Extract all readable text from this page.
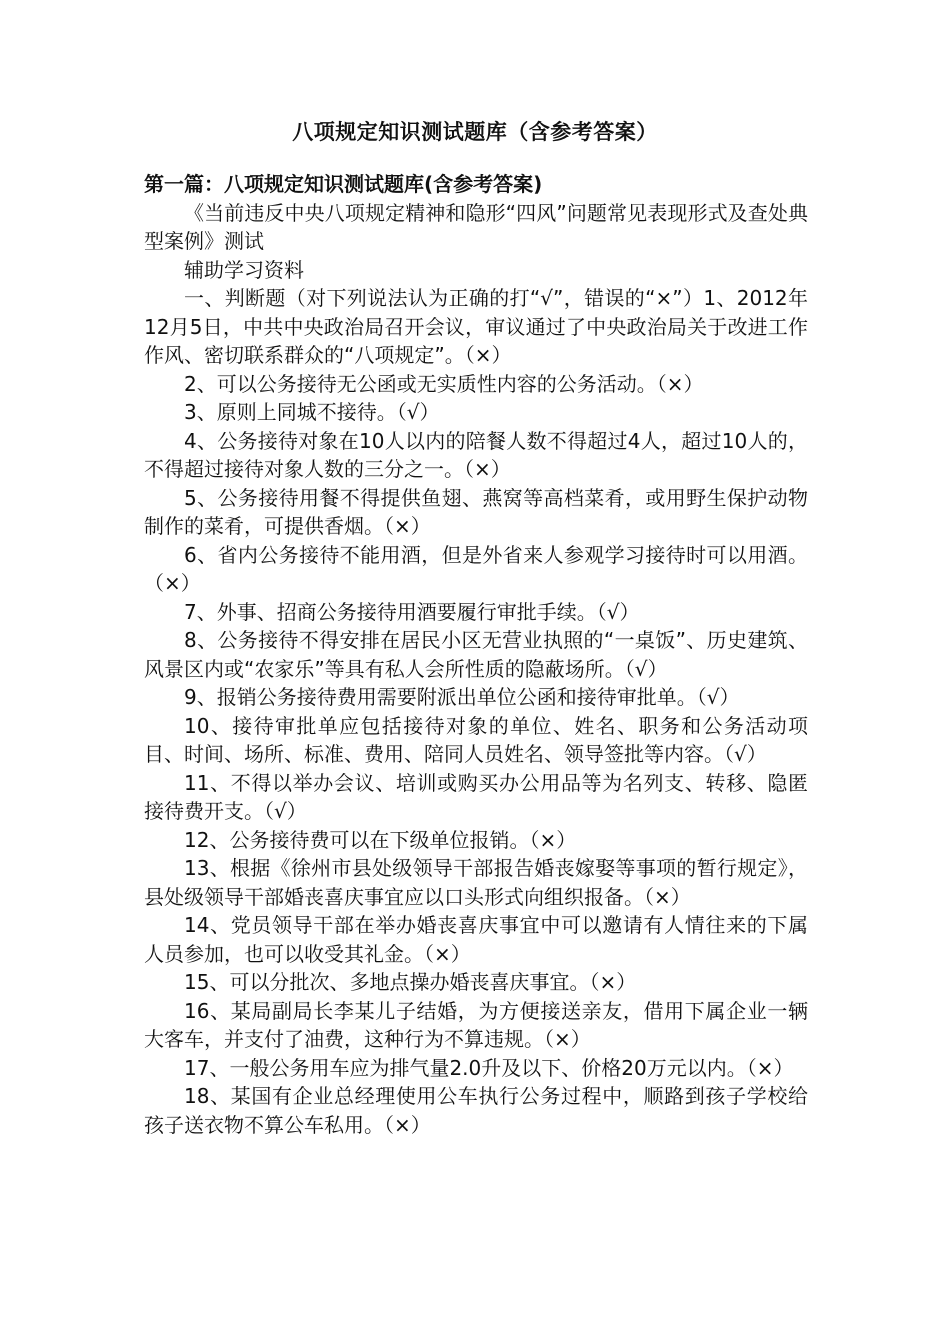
八项规定知识测试题库（含参考答案）

第一篇：八项规定知识测试题库(含参考答案)

《当前违反中央八项规定精神和隐形“四风”问题常见表现形式及查处典型案例》测试

辅助学习资料

一、判断题（对下列说法认为正确的打“√”，错误的“×”）1、2012年12月5日，中共中央政治局召开会议，审议通过了中央政治局关于改进工作作风、密切联系群众的“八项规定”。（×）

2、可以公务接待无公函或无实质性内容的公务活动。（×）

3、原则上同城不接待。（√）

4、公务接待对象在10人以内的陪餐人数不得超过4人，超过10人的，不得超过接待对象人数的三分之一。（×）

5、公务接待用餐不得提供鱼翅、燕窝等高档菜肴，或用野生保护动物制作的菜肴，可提供香烟。（×）

6、省内公务接待不能用酒，但是外省来人参观学习接待时可以用酒。（×）

7、外事、招商公务接待用酒要履行审批手续。（√）

8、公务接待不得安排在居民小区无营业执照的“一桌饭”、历史建筑、风景区内或“农家乐”等具有私人会所性质的隐蔽场所。（√）

9、报销公务接待费用需要附派出单位公函和接待审批单。（√）

10、接待审批单应包括接待对象的单位、姓名、职务和公务活动项目、时间、场所、标准、费用、陪同人员姓名、领导签批等内容。（√）

11、不得以举办会议、培训或购买办公用品等为名列支、转移、隐匿接待费开支。（√）

12、公务接待费可以在下级单位报销。（×）

13、根据《徐州市县处级领导干部报告婚丧嫁娶等事项的暂行规定》，县处级领导干部婚丧喜庆事宜应以口头形式向组织报备。（×）

14、党员领导干部在举办婚丧喜庆事宜中可以邀请有人情往来的下属人员参加，也可以收受其礼金。（×）

15、可以分批次、多地点操办婚丧喜庆事宜。（×）

16、某局副局长李某儿子结婚，为方便接送亲友，借用下属企业一辆大客车，并支付了油费，这种行为不算违规。（×）

17、一般公务用车应为排气量2.0升及以下、价格20万元以内。（×）

18、某国有企业总经理使用公车执行公务过程中，顺路到孩子学校给孩子送衣物不算公车私用。（×）
